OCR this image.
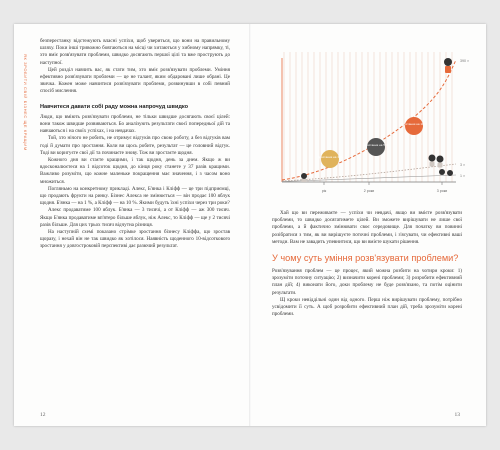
ЯК ЗРОБИТИ СВІЙ БІЗНЕС ЩЕ КРАЩИМ

безперестанку відстежують власні успіхи, щоб увериться, що вони на правильному шляху. Поки інші тривожно бовтаються на місці чи хитаються у хибному напрямку, ті, хто вміє розв'язувати проблеми, швидко досягають першої цілі та вже прострують до наступної.

Цей розділ навчить вас, як стати тим, хто вміє розв'язувати проблеми. Уміння ефективно розв'язувати проблеми — це не талант, яким обдаровані лише обрані. Це звичка. Кожен може навчитися розв'язувати проблеми, розвинувши в собі певний спосіб мислення.

Навчитеся давати собі раду можна напрочуд швидко

Люди, що вміють розв'язувати проблеми, не тільки швидше досягають своєї цілей: вони також швидше розвиваються. Бо аналізують результати своєї попередньої дій та навчаються і на своїх успіхах, і на невдачах.

Той, хто нічого не робить, не отримує відгуків про свою роботу, а без відгуків вам годі й думати про зростання. Коли ви щось робите, результат — це головний відгук. Тоді ви коригуєте свої дії та починаєте знову. Тож ви зростаєте щодня.

Кожного дня ви стаєте кращими, і так щодня, день за днем. Якщо ж ви вдосконалюєтеся на 1 відсоток щодня, до кінця року станете у 37 разів кращими. Важливо розуміти, що кожне маленьке покращення має значення, і з часом воно множиться.

Погляньмо на конкретному прикладі. Алекс, Б'янка і Кліфф — це три підприємці, що продають фрукти на ринку. Бізнес Алекса не змінюється — він продає 100 яблук щодня. Б'янка — на 1 %, а Кліфф — на 10 %. Якими будуть їхні успіхи через три роки?

Алекс продаватиме 100 яблук. Б'янка — 3 тисячі, а от Кліфф — аж 300 тисяч. Якщо Б'янка продаватиме вп'ятеро більше яблук, ніж Алекс, то Кліфф — ще у 2 тисячі разів більше. Для цих трьох тисяч відчутна різниця.

На наступній схемі показано стрімке зростання бізнесу Кліффа, що зростав щоразу, і нехай він не так швидко як хотілося. Наявність щоденного 10-відсоткового зростання у довгостроковій перспективі дає разючий результат.

12
рік	2 роки	3 роки
Зростання на 10 %
Зростання на 5 %
Зростання на 1 %
390 ×
3 ×
1 ×

Хай що ви переживаєте — успіхи чи невдачі, якщо ви вмієте розв'язувати проблеми, то швидко досягатимете цілей. Ви зможете вирішувати не лише свої проблеми, а й фактично змінювати своє середовище. Для початку ви повинні розібратися з тим, як ви вирішуєте поточні проблеми, і з'ясувати, чи ефективні ваші методи. Вам не завадить упевнитися, що ви вмієте шукати рішення.

У чому суть уміння розв'язувати проблеми?

Розв'язування проблем — це процес, який можна розбити на чотири кроки: 1) зрозуміти поточну ситуацію; 2) визначити корені проблеми; 3) розробити ефективний план дій; 4) виконати його, доки проблему не буде розв'язано, та потім оцінити результати.

Щ кроки невіддільні один від одного. Перш ніж вирішувати проблему, потрібно усвідомити її суть. А щоб розробити ефективний план дій, треба зрозуміти корені проблеми.

13
